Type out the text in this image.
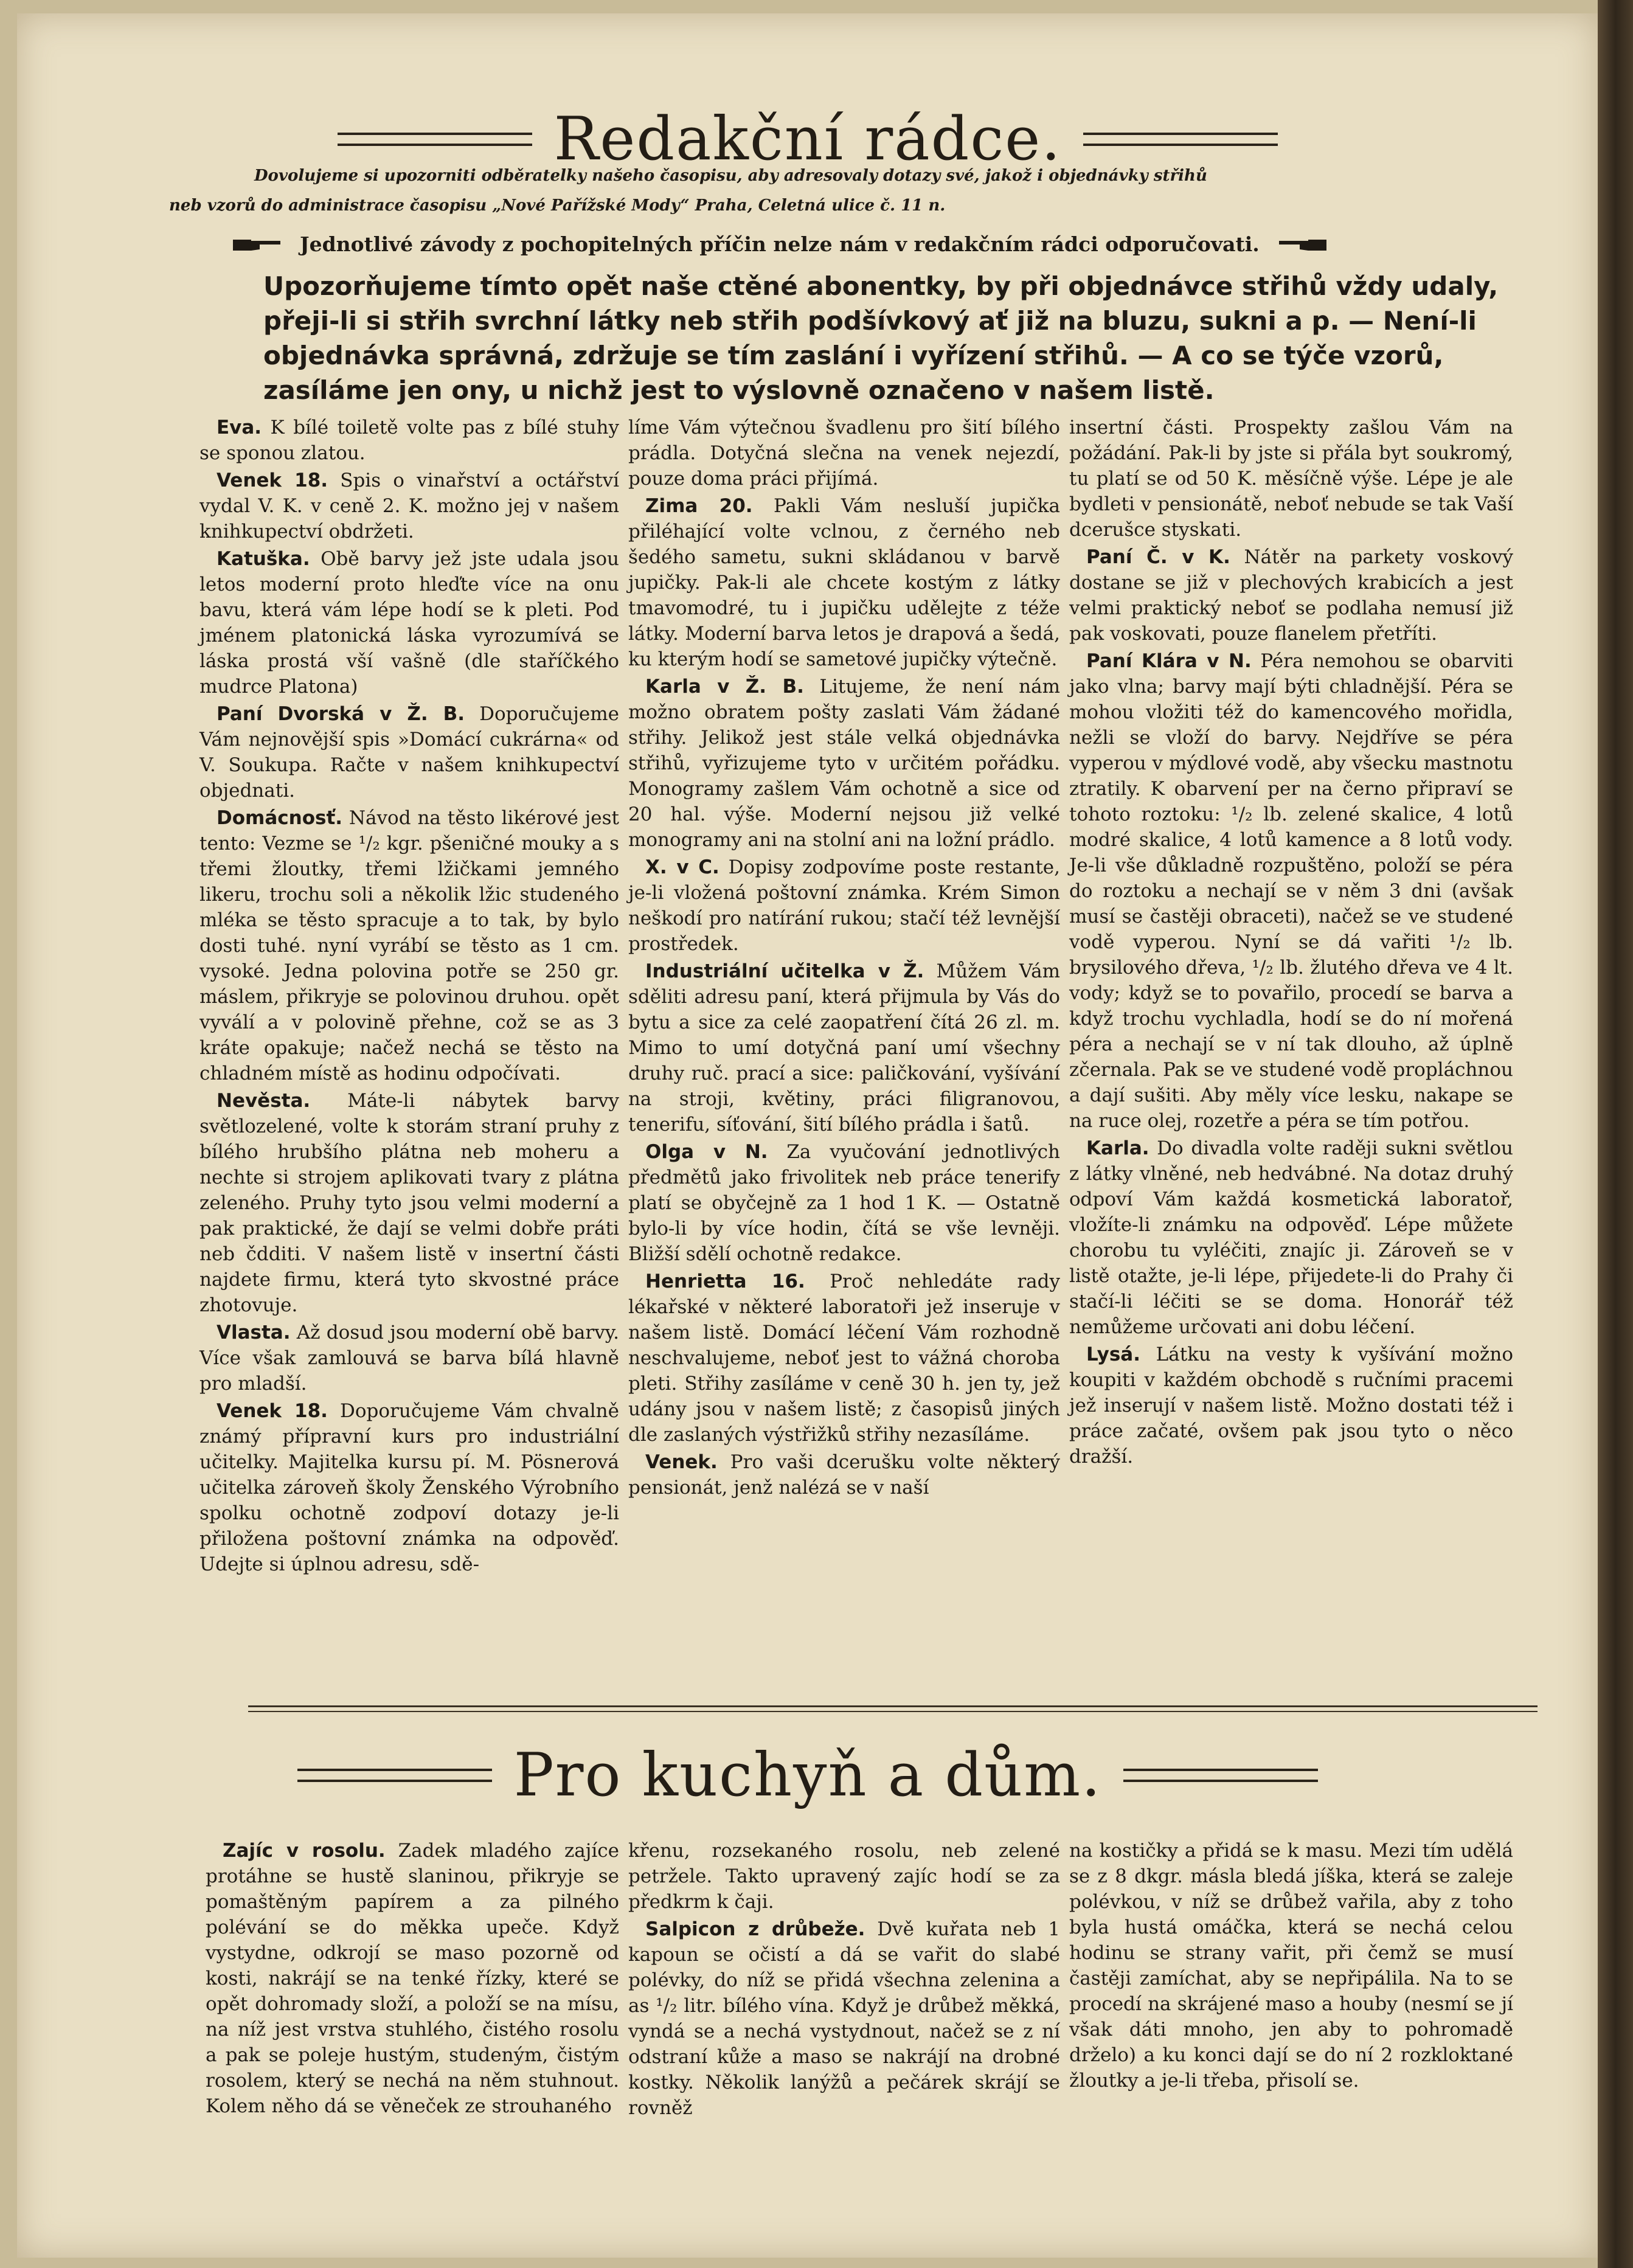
Redakční rádce.
Dovolujeme si upozorniti odběratelky našeho časopisu, aby adresovaly dotazy své, jakož i objednávky střihů
neb vzorů do administrace časopisu „Nové Pařížské Mody“ Praha, Celetná ulice č. 11 n.
Jednotlivé závody z pochopitelných příčin nelze nám v redakčním rádci odporučovati.
Upozorňujeme tímto opět naše ctěné abonentky, by při objednávce střihů vždy udaly, přeji-li si střih svrchní látky neb střih podšívkový ať již na bluzu, sukni a p. — Není-li objednávka správná, zdržuje se tím zaslání i vyřízení střihů. — A co se týče vzorů, zasíláme jen ony, u nichž jest to výslovně označeno v našem listě.

Eva. K bílé toiletě volte pas z bílé stuhy se sponou zlatou.

Venek 18. Spis o vinařství a octářství vydal V. K. v ceně 2. K. možno jej v našem knihkupectví obdržeti.

Katuška. Obě barvy jež jste udala jsou letos moderní proto hleďte více na onu bavu, která vám lépe hodí se k pleti. Pod jménem platonická láska vyrozumívá se láska prostá vší vašně (dle staříčkého mudrce Platona)

Paní Dvorská v Ž. B. Doporučujeme Vám nejnovější spis »Domácí cukrárna« od V. Soukupa. Račte v našem knihkupectví objednati.

Domácnosť. Návod na těsto likérové jest tento: Vezme se ¹/₂ kgr. pšeničné mouky a s třemi žloutky, třemi lžičkami jemného likeru, trochu soli a několik lžic studeného mléka se těsto spracuje a to tak, by bylo dosti tuhé. nyní vyrábí se těsto as 1 cm. vysoké. Jedna polovina potře se 250 gr. máslem, přikryje se polovinou druhou. opět vyválí a v polovině přehne, což se as 3 kráte opakuje; načež nechá se těsto na chladném místě as hodinu odpočívati.

Nevěsta. Máte-li nábytek barvy světlozelené, volte k storám straní pruhy z bílého hrubšího plátna neb moheru a nechte si strojem aplikovati tvary z plátna zeleného. Pruhy tyto jsou velmi moderní a pak praktické, že dají se velmi dobře práti neb čdditi. V našem listě v insertní části najdete firmu, která tyto skvostné práce zhotovuje.

Vlasta. Až dosud jsou moderní obě barvy. Více však zamlouvá se barva bílá hlavně pro mladší.

Venek 18. Doporučujeme Vám chvalně známý přípravní kurs pro industriální učitelky. Majitelka kursu pí. M. Pösnerová učitelka zároveň školy Ženského Výrobního spolku ochotně zodpoví dotazy je-li přiložena poštovní známka na odpověď. Udejte si úplnou adresu, sdě-

líme Vám výtečnou švadlenu pro šití bílého prádla. Dotyčná slečna na venek nejezdí, pouze doma práci přijímá.

Zima 20. Pakli Vám nesluší jupička přiléhající volte vclnou, z černého neb šedého sametu, sukni skládanou v barvě jupičky. Pak-li ale chcete kostým z látky tmavomodré, tu i jupičku udělejte z téže látky. Moderní barva letos je drapová a šedá, ku kterým hodí se sametové jupičky výtečně.

Karla v Ž. B. Litujeme, že není nám možno obratem pošty zaslati Vám žádané střihy. Jelikož jest stále velká objednávka střihů, vyřizujeme tyto v určitém pořádku. Monogramy zašlem Vám ochotně a sice od 20 hal. výše. Moderní nejsou již velké monogramy ani na stolní ani na ložní prádlo.

X. v C. Dopisy zodpovíme poste restante, je-li vložená poštovní známka. Krém Simon neškodí pro natírání rukou; stačí též levnější prostředek.

Industriální učitelka v Ž. Můžem Vám sděliti adresu paní, která přijmula by Vás do bytu a sice za celé zaopatření čítá 26 zl. m. Mimo to umí dotyčná paní umí všechny druhy ruč. prací a sice: paličkování, vyšívání na stroji, květiny, práci filigranovou, tenerifu, síťování, šití bílého prádla i šatů.

Olga v N. Za vyučování jednotlivých předmětů jako frivolitek neb práce tenerify platí se obyčejně za 1 hod 1 K. — Ostatně bylo-li by více hodin, čítá se vše levněji. Bližší sdělí ochotně redakce.

Henrietta 16. Proč nehledáte rady lékařské v některé laboratoři jež inseruje v našem listě. Domácí léčení Vám rozhodně neschvalujeme, neboť jest to vážná choroba pleti. Střihy zasíláme v ceně 30 h. jen ty, jež udány jsou v našem listě; z časopisů jiných dle zaslaných výstřižků střihy nezasíláme.

Venek. Pro vaši dcerušku volte některý pensionát, jenž nalézá se v naší

insertní části. Prospekty zašlou Vám na požádání. Pak-li by jste si přála byt soukromý, tu platí se od 50 K. měsíčně výše. Lépe je ale bydleti v pensionátě, neboť nebude se tak Vaší dcerušce styskati.

Paní Č. v K. Nátěr na parkety voskový dostane se již v plechových krabicích a jest velmi praktický neboť se podlaha nemusí již pak voskovati, pouze flanelem přetříti.

Paní Klára v N. Péra nemohou se obarviti jako vlna; barvy mají býti chladnější. Péra se mohou vložiti též do kamencového mořidla, nežli se vloží do barvy. Nejdříve se péra vyperou v mýdlové vodě, aby všecku mastnotu ztratily. K obarvení per na černo připraví se tohoto roztoku: ¹/₂ lb. zelené skalice, 4 lotů modré skalice, 4 lotů kamence a 8 lotů vody. Je-li vše důkladně rozpuštěno, položí se péra do roztoku a nechají se v něm 3 dni (avšak musí se častěji obraceti), načež se ve studené vodě vyperou. Nyní se dá vařiti ¹/₂ lb. brysilového dřeva, ¹/₂ lb. žlutého dřeva ve 4 lt. vody; když se to povařilo, procedí se barva a když trochu vychladla, hodí se do ní mořená péra a nechají se v ní tak dlouho, až úplně zčernala. Pak se ve studené vodě propláchnou a dají sušiti. Aby měly více lesku, nakape se na ruce olej, rozetře a péra se tím potřou.

Karla. Do divadla volte raději sukni světlou z látky vlněné, neb hedvábné. Na dotaz druhý odpoví Vám každá kosmetická laboratoř, vložíte-li známku na odpověď. Lépe můžete chorobu tu vyléčiti, znajíc ji. Zároveň se v listě otažte, je-li lépe, přijedete-li do Prahy či stačí-li léčiti se se doma. Honorář též nemůžeme určovati ani dobu léčení.

Lysá. Látku na vesty k vyšívání možno koupiti v každém obchodě s ručními pracemi jež inserují v našem listě. Možno dostati též i práce začaté, ovšem pak jsou tyto o něco dražší.

Pro kuchyň a dům.

Zajíc v rosolu. Zadek mladého zajíce protáhne se hustě slaninou, přikryje se pomaštěným papírem a za pilného polévání se do měkka upeče. Když vystydne, odkrojí se maso pozorně od kosti, nakrájí se na tenké řízky, které se opět dohromady složí, a položí se na mísu, na níž jest vrstva stuhlého, čistého rosolu a pak se poleje hustým, studeným, čistým rosolem, který se nechá na něm stuhnout. Kolem něho dá se věneček ze strouhaného

křenu, rozsekaného rosolu, neb zelené petrželе. Takto upravený zajíc hodí se za předkrm k čaji.

Salpicon z drůbeže. Dvě kuřata neb 1 kapoun se očistí a dá se vařit do slabé polévky, do níž se přidá všechna zelenina a as ¹/₂ litr. bílého vína. Když je drůbež měkká, vyndá se a nechá vystydnout, načež se z ní odstraní kůže a maso se nakrájí na drobné kostky. Několik lanýžů a pečárek skrájí se rovněž

na kostičky a přidá se k masu. Mezi tím udělá se z 8 dkgr. másla bledá jíška, která se zaleje polévkou, v níž se drůbež vařila, aby z toho byla hustá omáčka, která se nechá celou hodinu se strany vařit, při čemž se musí častěji zamíchat, aby se nepřipálila. Na to se procedí na skrájené maso a houby (nesmí se jí však dáti mnoho, jen aby to pohromadě drželo) a ku konci dají se do ní 2 rozkloktané žloutky a je-li třeba, přisolí se.
